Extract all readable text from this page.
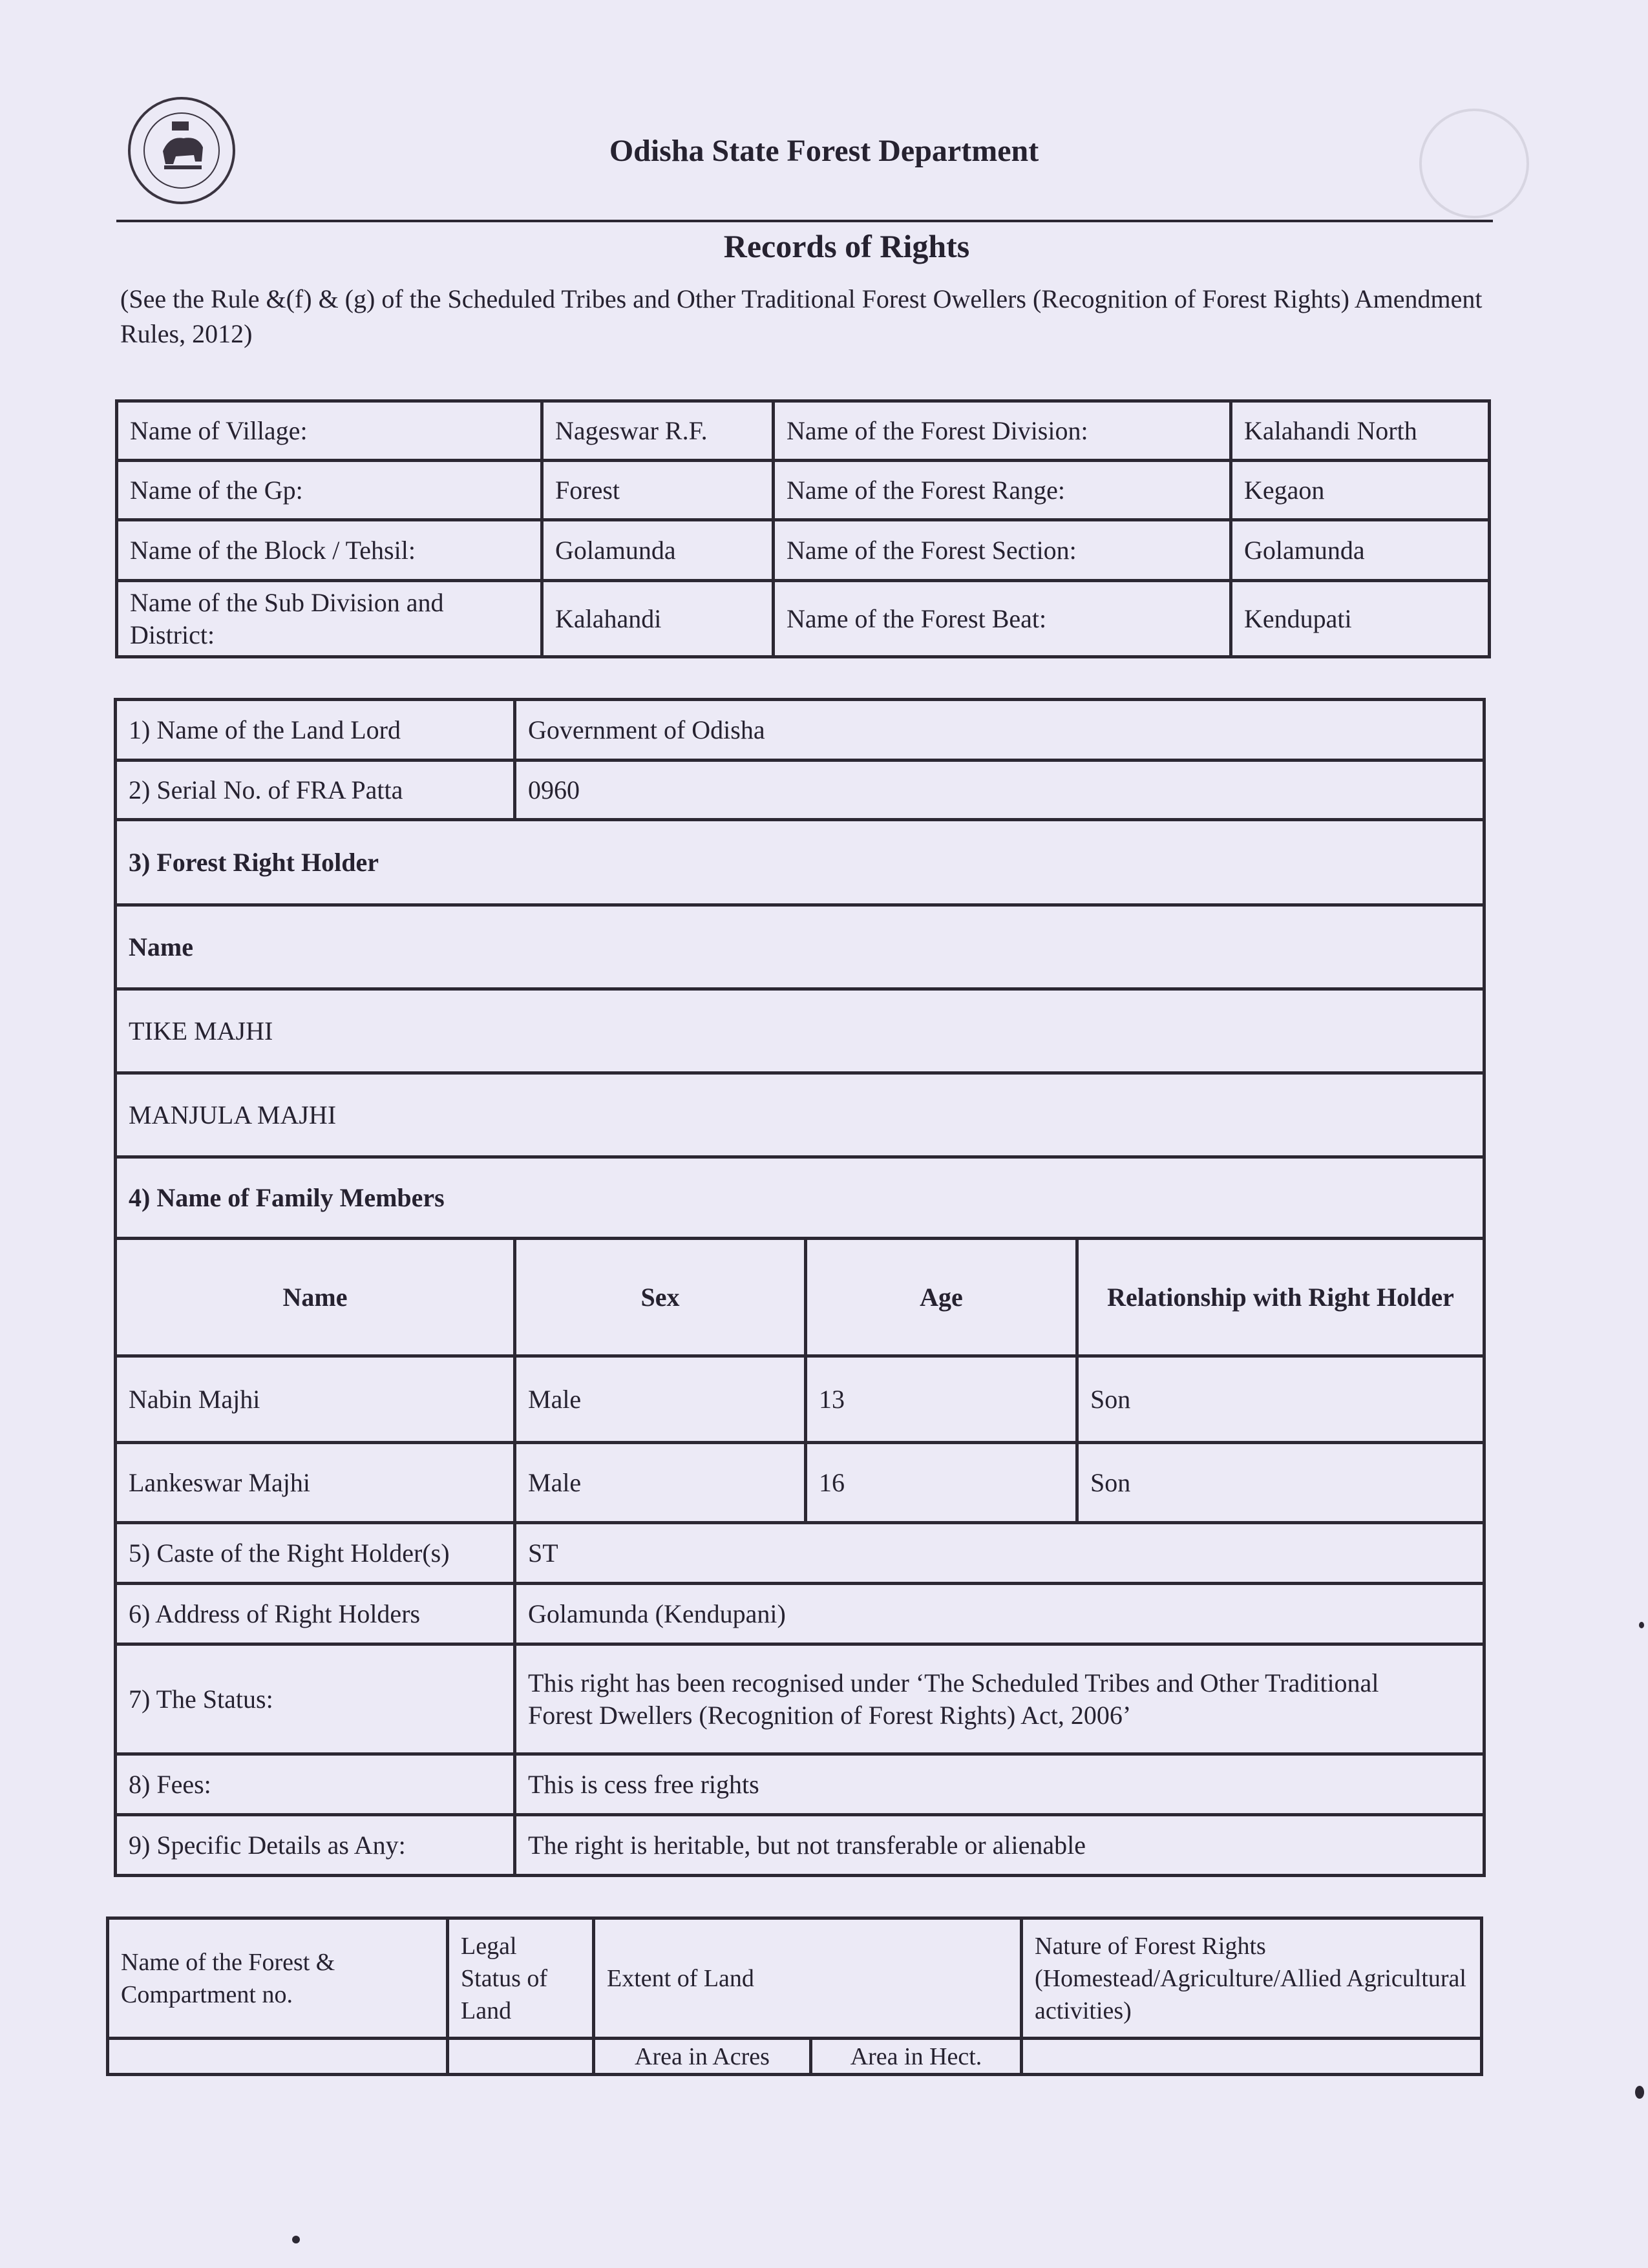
Odisha State Forest Department
Records of Rights
(See the Rule &(f) & (g) of the Scheduled Tribes and Other Traditional Forest Owellers (Recognition of Forest Rights) Amendment Rules, 2012)
Name of Village:	Nageswar R.F.	Name of the Forest Division:	Kalahandi North
Name of the Gp:	Forest	Name of the Forest Range:	Kegaon
Name of the Block / Tehsil:	Golamunda	Name of the Forest Section:	Golamunda
Name of the Sub Division and District:	Kalahandi	Name of the Forest Beat:	Kendupati
1) Name of the Land Lord	Government of Odisha		
2) Serial No. of FRA Patta	0960		
3) Forest Right Holder			
Name			
TIKE MAJHI			
MANJULA MAJHI			
4) Name of Family Members			
Name	Sex	Age	Relationship with Right Holder
Nabin Majhi	Male	13	Son
Lankeswar Majhi	Male	16	Son
5) Caste of the Right Holder(s)	ST		
6) Address of Right Holders	Golamunda (Kendupani)		
7) The Status:	This right has been recognised under ‘The Scheduled Tribes and Other Traditional
Forest Dwellers (Recognition of Forest Rights) Act, 2006’		

8) Fees:	This is cess free rights		
9) Specific Details as Any:	The right is heritable, but not transferable or alienable		
Name of the Forest & Compartment no.	Legal Status of Land	Extent of Land		Nature of Forest Rights (Homestead/Agriculture/Allied Agricultural activities)
		Area in Acres	Area in Hect.	
